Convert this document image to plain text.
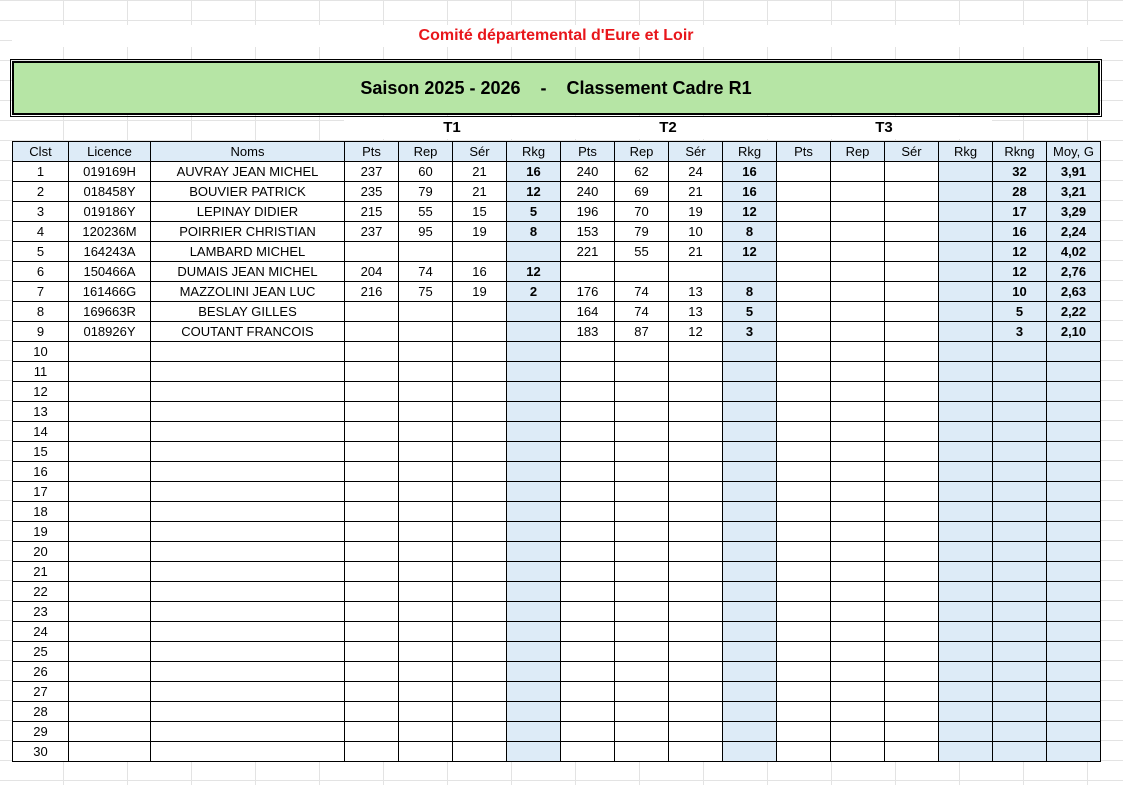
Comité départemental d'Eure et Loir
Saison 2025 - 2026 - Classement Cadre R1
T1	T2	T3
Clst	Licence	Noms	Pts	Rep	Sér	Rkg	Pts	Rep	Sér	Rkg	Pts	Rep	Sér	Rkg	Rkng	Moy, G
1	019169H	AUVRAY JEAN MICHEL	237	60	21	16	240	62	24	16					32	3,91
2	018458Y	BOUVIER PATRICK	235	79	21	12	240	69	21	16					28	3,21
3	019186Y	LEPINAY DIDIER	215	55	15	5	196	70	19	12					17	3,29
4	120236M	POIRRIER CHRISTIAN	237	95	19	8	153	79	10	8					16	2,24
5	164243A	LAMBARD MICHEL					221	55	21	12					12	4,02
6	150466A	DUMAIS JEAN MICHEL	204	74	16	12									12	2,76
7	161466G	MAZZOLINI JEAN LUC	216	75	19	2	176	74	13	8					10	2,63
8	169663R	BESLAY GILLES					164	74	13	5					5	2,22
9	018926Y	COUTANT FRANCOIS					183	87	12	3					3	2,10
10																
11																
12																
13																
14																
15																
16																
17																
18																
19																
20																
21																
22																
23																
24																
25																
26																
27																
28																
29																
30																
